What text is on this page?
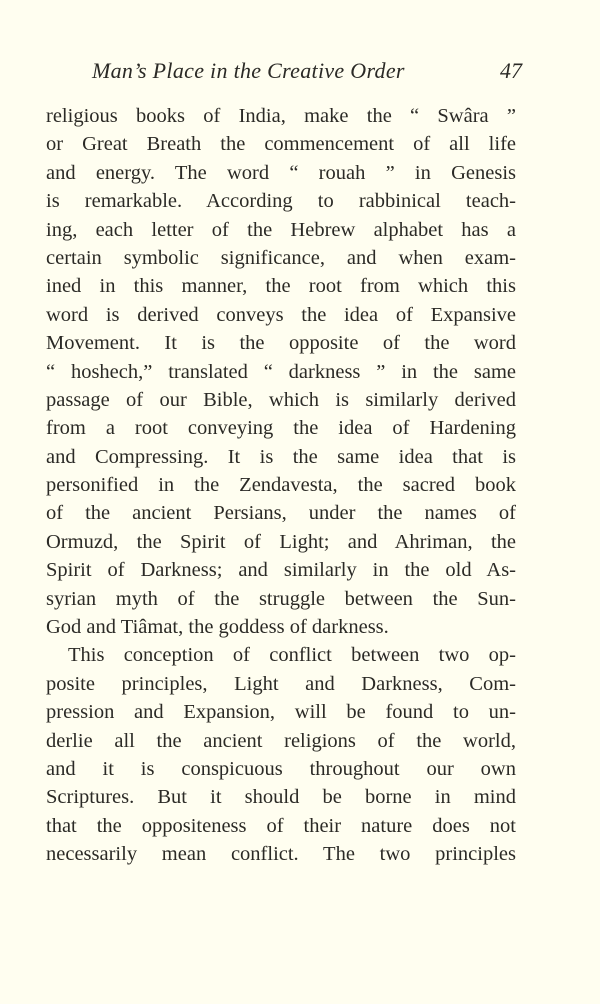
Man’s Place in the Creative Order	47
religious books of India, make the “ Swâra ”
or Great Breath the commencement of all life
and energy. The word “ rouah ” in Genesis
is remarkable. According to rabbinical teach-
ing, each letter of the Hebrew alphabet has a
certain symbolic significance, and when exam-
ined in this manner, the root from which this
word is derived conveys the idea of Expansive
Movement. It is the opposite of the word
“ hoshech,” translated “ darkness ” in the same
passage of our Bible, which is similarly derived
from a root conveying the idea of Hardening
and Compressing. It is the same idea that is
personified in the Zendavesta, the sacred book
of the ancient Persians, under the names of
Ormuzd, the Spirit of Light; and Ahriman, the
Spirit of Darkness; and similarly in the old As-
syrian myth of the struggle between the Sun-
God and Tiâmat, the goddess of darkness.
This conception of conflict between two op-
posite principles, Light and Darkness, Com-
pression and Expansion, will be found to un-
derlie all the ancient religions of the world,
and it is conspicuous throughout our own
Scriptures. But it should be borne in mind
that the oppositeness of their nature does not
necessarily mean conflict. The two principles
